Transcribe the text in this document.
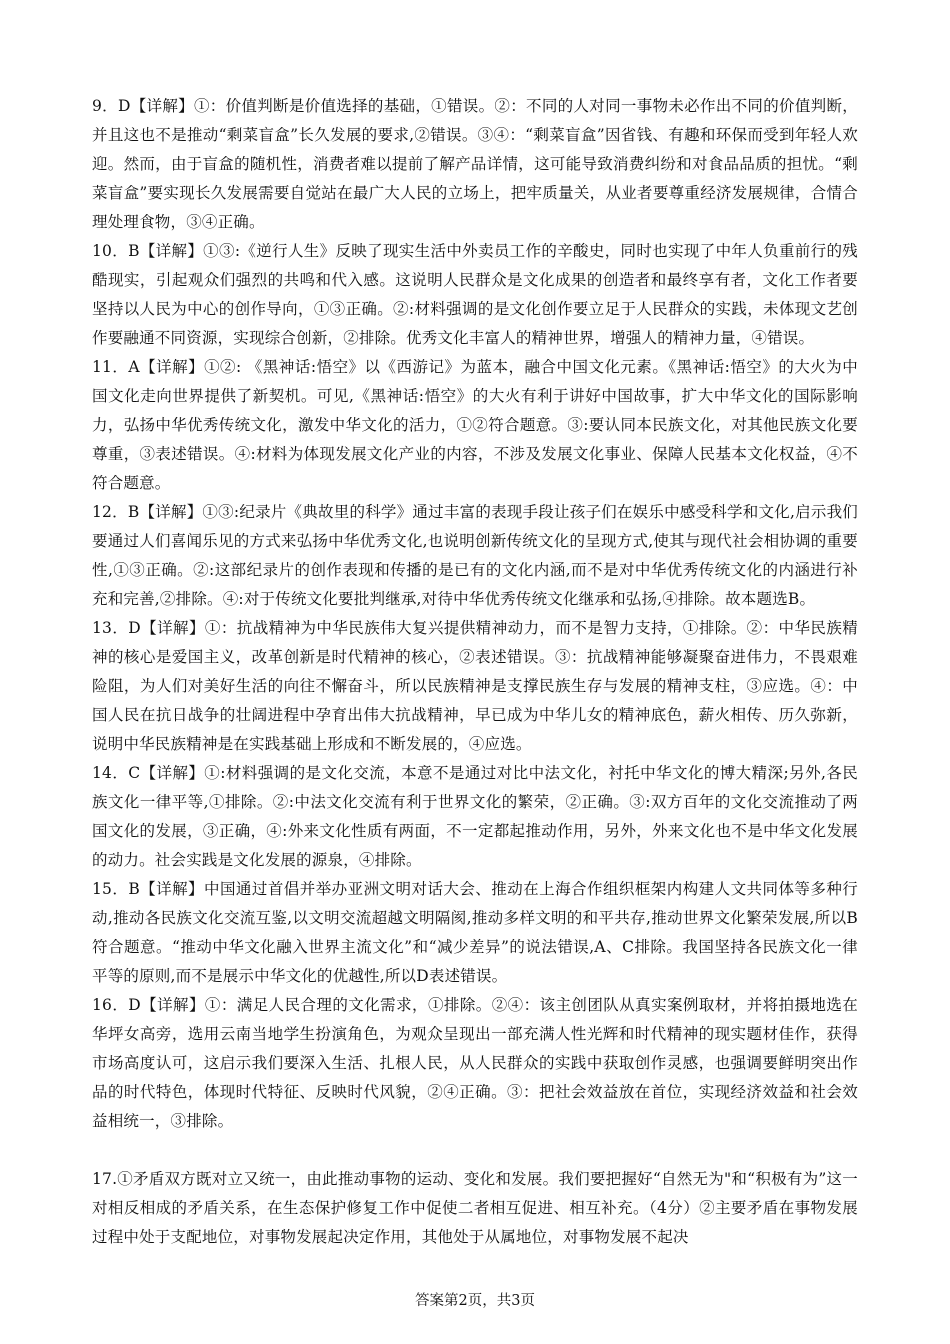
9．D【详解】①：价值判断是价值选择的基础，①错误。②：不同的人对同一事物未必作出不同的价值判断，并且这也不是推动“剩菜盲盒”长久发展的要求,②错误。③④：“剩菜盲盒”因省钱、有趣和环保而受到年轻人欢迎。然而，由于盲盒的随机性，消费者难以提前了解产品详情，这可能导致消费纠纷和对食品品质的担忧。“剩菜盲盒”要实现长久发展需要自觉站在最广大人民的立场上，把牢质量关，从业者要尊重经济发展规律，合情合理处理食物，③④正确。

10．B【详解】①③:《逆行人生》反映了现实生活中外卖员工作的辛酸史，同时也实现了中年人负重前行的残酷现实，引起观众们强烈的共鸣和代入感。这说明人民群众是文化成果的创造者和最终享有者，文化工作者要坚持以人民为中心的创作导向，①③正确。②:材料强调的是文化创作要立足于人民群众的实践，未体现文艺创作要融通不同资源，实现综合创新，②排除。优秀文化丰富人的精神世界，增强人的精神力量，④错误。

11．A【详解】①②: 《黑神话:悟空》以《西游记》为蓝本，融合中国文化元素。《黑神话:悟空》的大火为中国文化走向世界提供了新契机。可见,《黑神话:悟空》的大火有利于讲好中国故事，扩大中华文化的国际影响力，弘扬中华优秀传统文化，激发中华文化的活力，①②符合题意。③:要认同本民族文化，对其他民族文化要尊重，③表述错误。④:材料为体现发展文化产业的内容，不涉及发展文化事业、保障人民基本文化权益，④不符合题意。

12．B【详解】①③:纪录片《典故里的科学》通过丰富的表现手段让孩子们在娱乐中感受科学和文化,启示我们要通过人们喜闻乐见的方式来弘扬中华优秀文化,也说明创新传统文化的呈现方式,使其与现代社会相协调的重要性,①③正确。②:这部纪录片的创作表现和传播的是已有的文化内涵,而不是对中华优秀传统文化的内涵进行补充和完善,②排除。④:对于传统文化要批判继承,对待中华优秀传统文化继承和弘扬,④排除。故本题选B。

13．D【详解】①：抗战精神为中华民族伟大复兴提供精神动力，而不是智力支持，①排除。②：中华民族精神的核心是爱国主义，改革创新是时代精神的核心，②表述错误。③：抗战精神能够凝聚奋进伟力，不畏艰难险阻，为人们对美好生活的向往不懈奋斗，所以民族精神是支撑民族生存与发展的精神支柱，③应选。④：中国人民在抗日战争的壮阔进程中孕育出伟大抗战精神，早已成为中华儿女的精神底色，薪火相传、历久弥新，说明中华民族精神是在实践基础上形成和不断发展的，④应选。

14．C【详解】①:材料强调的是文化交流，本意不是通过对比中法文化，衬托中华文化的博大精深;另外,各民族文化一律平等,①排除。②:中法文化交流有利于世界文化的繁荣，②正确。③:双方百年的文化交流推动了两国文化的发展，③正确，④:外来文化性质有两面，不一定都起推动作用，另外，外来文化也不是中华文化发展的动力。社会实践是文化发展的源泉，④排除。

15．B【详解】中国通过首倡并举办亚洲文明对话大会、推动在上海合作组织框架内构建人文共同体等多种行动,推动各民族文化交流互鉴,以文明交流超越文明隔阂,推动多样文明的和平共存,推动世界文化繁荣发展,所以B符合题意。“推动中华文化融入世界主流文化”和“减少差异”的说法错误,A、C排除。我国坚持各民族文化一律平等的原则,而不是展示中华文化的优越性,所以D表述错误。

16．D【详解】①：满足人民合理的文化需求，①排除。②④：该主创团队从真实案例取材，并将拍摄地选在华坪女高旁，选用云南当地学生扮演角色，为观众呈现出一部充满人性光辉和时代精神的现实题材佳作，获得市场高度认可，这启示我们要深入生活、扎根人民，从人民群众的实践中获取创作灵感，也强调要鲜明突出作品的时代特色，体现时代特征、反映时代风貌，②④正确。③：把社会效益放在首位，实现经济效益和社会效益相统一，③排除。

17.①矛盾双方既对立又统一，由此推动事物的运动、变化和发展。我们要把握好“自然无为"和“积极有为”这一对相反相成的矛盾关系，在生态保护修复工作中促使二者相互促进、相互补充。（4分）②主要矛盾在事物发展过程中处于支配地位，对事物发展起决定作用，其他处于从属地位，对事物发展不起决

答案第2页，共3页
